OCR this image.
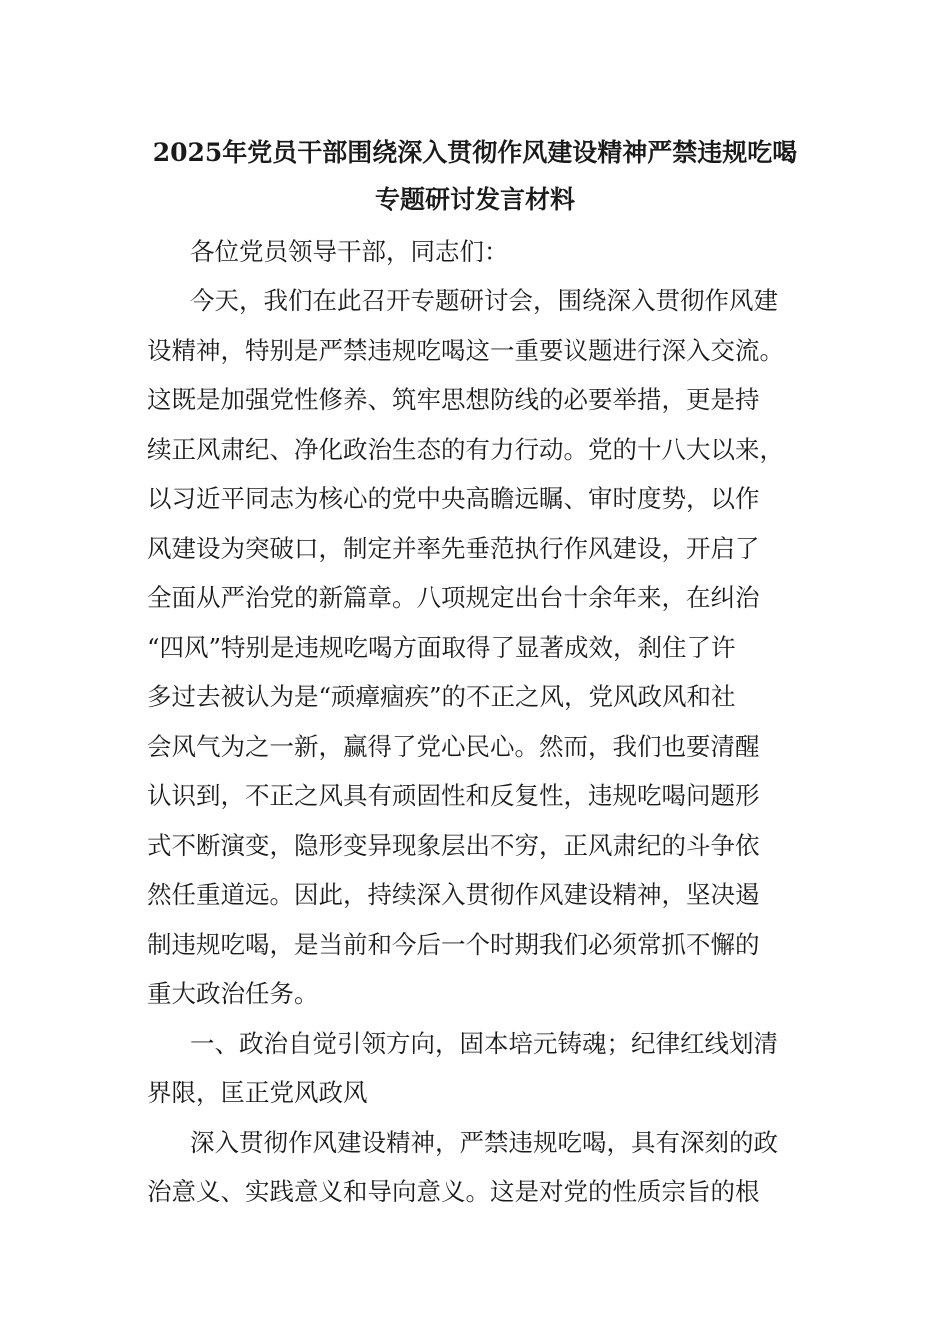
2025年党员干部围绕深入贯彻作风建设精神严禁违规吃喝
专题研讨发言材料
各位党员领导干部，同志们：
今天，我们在此召开专题研讨会，围绕深入贯彻作风建
设精神，特别是严禁违规吃喝这一重要议题进行深入交流。
这既是加强党性修养、筑牢思想防线的必要举措，更是持
续正风肃纪、净化政治生态的有力行动。党的十八大以来，
以习近平同志为核心的党中央高瞻远瞩、审时度势，以作
风建设为突破口，制定并率先垂范执行作风建设，开启了
全面从严治党的新篇章。八项规定出台十余年来，在纠治
“四风”特别是违规吃喝方面取得了显著成效，刹住了许
多过去被认为是“顽瘴痼疾”的不正之风，党风政风和社
会风气为之一新，赢得了党心民心。然而，我们也要清醒
认识到，不正之风具有顽固性和反复性，违规吃喝问题形
式不断演变，隐形变异现象层出不穷，正风肃纪的斗争依
然任重道远。因此，持续深入贯彻作风建设精神，坚决遏
制违规吃喝，是当前和今后一个时期我们必须常抓不懈的
重大政治任务。
一、政治自觉引领方向，固本培元铸魂；纪律红线划清
界限，匡正党风政风
深入贯彻作风建设精神，严禁违规吃喝，具有深刻的政
治意义、实践意义和导向意义。这是对党的性质宗旨的根
